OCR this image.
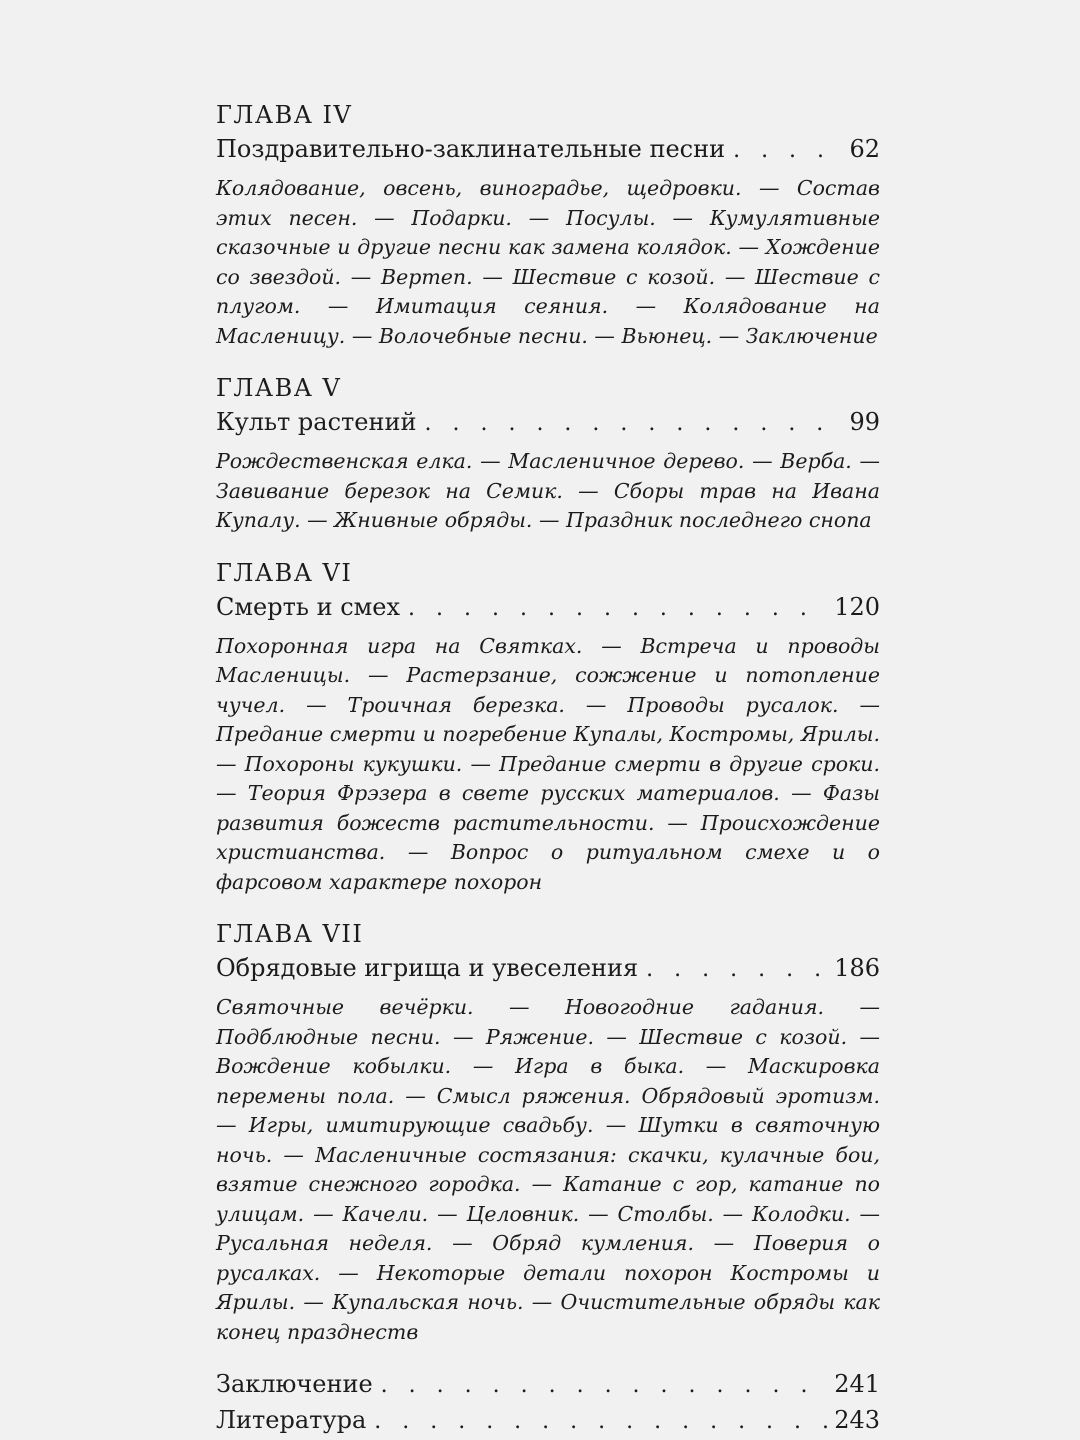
ГЛАВА IV
Поздравительно-заклинательные песни . . .	62
Колядование, овсень, виноградье, щедровки. — Состав этих песен. — Подарки. — Посулы. — Кумулятивные сказочные и другие песни как замена колядок. — Хождение со звездой. — Вертеп. — Шествие с козой. — Шествие с плугом. — Имитация сеяния. — Колядование на Масленицу. — Волочебные песни. — Вьюнец. — Заключение
ГЛАВА V
Культ растений . . .	99
Рождественская елка. — Масленичное дерево. — Верба. — Завивание березок на Семик. — Сборы трав на Ивана Купалу. — Жнивные обряды. — Праздник последнего снопа
ГЛАВА VI
Смерть и смех . . .	120
Похоронная игра на Святках. — Встреча и проводы Масленицы. — Растерзание, сожжение и потопление чучел. — Троичная березка. — Проводы русалок. — Предание смерти и погребение Купалы, Костромы, Ярилы. — Похороны кукушки. — Предание смерти в другие сроки. — Теория Фрэзера в свете русских материалов. — Фазы развития божеств растительности. — Происхождение христианства. — Вопрос о ритуальном смехе и о фарсовом характере похорон
ГЛАВА VII
Обрядовые игрища и увеселения . . .	186
Святочные вечёрки. — Новогодние гадания. — Подблюдные песни. — Ряжение. — Шествие с козой. — Вождение кобылки. — Игра в быка. — Маскировка перемены пола. — Смысл ряжения. Обрядовый эротизм. — Игры, имитирующие свадьбу. — Шутки в святочную ночь. — Масленичные состязания: скачки, кулачные бои, взятие снежного городка. — Катание с гор, катание по улицам. — Качели. — Целовник. — Столбы. — Колодки. — Русальная неделя. — Обряд кумления. — Поверия о русалках. — Некоторые детали похорон Костромы и Ярилы. — Купальская ночь. — Очистительные обряды как конец празднеств
Заключение . . .	241
Литература . . .	243
